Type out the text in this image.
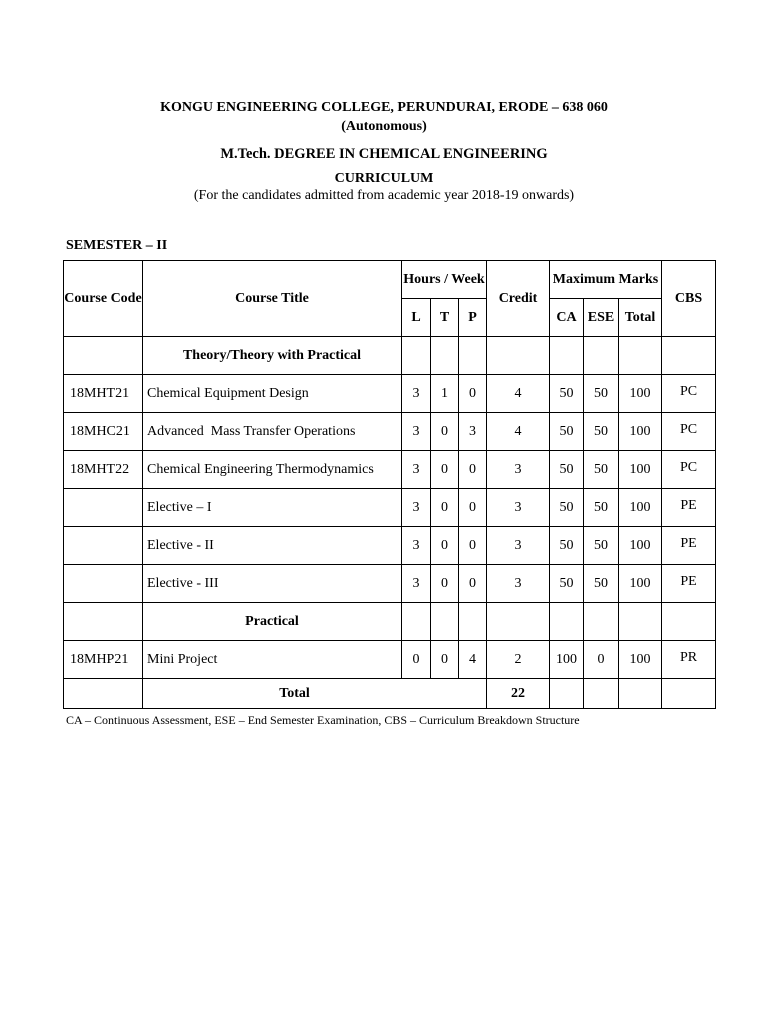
KONGU ENGINEERING COLLEGE, PERUNDURAI, ERODE – 638 060
(Autonomous)
M.Tech. DEGREE IN CHEMICAL ENGINEERING
CURRICULUM
(For the candidates admitted from academic year 2018-19 onwards)
SEMESTER – II
Course Code	Course Title	Hours / Week			Credit	Maximum Marks			CBS
		L	T	P		CA	ESE	Total	
	Theory/Theory with Practical								
18MHT21	Chemical Equipment Design	3	1	0	4	50	50	100	PC
18MHC21	Advanced  Mass Transfer Operations	3	0	3	4	50	50	100	PC
18MHT22	Chemical Engineering Thermodynamics	3	0	0	3	50	50	100	PC
	Elective – I	3	0	0	3	50	50	100	PE
	Elective - II	3	0	0	3	50	50	100	PE
	Elective - III	3	0	0	3	50	50	100	PE
	Practical								
18MHP21	Mini Project	0	0	4	2	100	0	100	PR
	Total				22				
CA – Continuous Assessment, ESE – End Semester Examination, CBS – Curriculum Breakdown Structure
